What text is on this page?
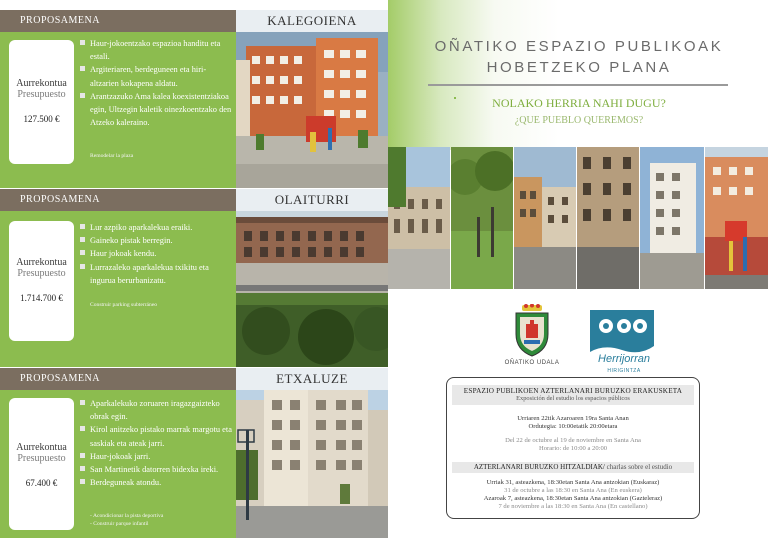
PROPOSAMENA	KALEGOIENA
Aurrekontua
Presupuesto
127.500 €
Haur-jokoentzako espazioa handitu eta estali.
Argiteriaren, berdeguneen eta hiri-altzarien kokapena aldatu.
Arantzazuko Ama kalea koexistentziakoa egin, Ultzegin kaletik oinezkoentzako den Atzeko kaleraino.
Remodelar la plaza
PROPOSAMENA	OLAITURRI
Aurrekontua
Presupuesto
1.714.700 €
Lur azpiko aparkalekua eraiki.
Gaineko pistak berregin.
Haur jokoak kendu.
Lurrazaleko aparkalekua txikitu eta ingurua berurbanizatu.
Construir parking subterráneo
PROPOSAMENA	ETXALUZE
Aurrekontua
Presupuesto
67.400 €
Aparkalekuko zoruaren iragazgaizteko obrak egin.
Kirol anitzeko pistako marrak margotu eta saskiak eta ateak jarri.
Haur-jokoak jarri.
San Martinetik datorren bidexka ireki.
Berdeguneak atondu.
- Acondicionar la pista deportiva
- Construir parque infantil
OÑATIKO ESPAZIO PUBLIKOAK
HOBETZEKO PLANA
NOLAKO HERRIA NAHI DUGU?
¿QUE PUEBLO QUEREMOS?
OÑATIKO UDALA	Herrijorran
HIRIGINTZA
ESPAZIO PUBLIKOEN AZTERLANARI BURUZKO ERAKUSKETA
Exposición del estudio los espacios públicos
Urriaren 22tik Azaroaren 19ra Santa Anan
Ordutegia: 10:00etatik 20:00etara
Del 22 de octubre al 19 de noviembre en Santa Ana
Horario: de 10:00 a 20:00
AZTERLANARI BURUZKO HITZALDIAK/ charlas sobre el estudio
Urriak 31, asteazkena, 18:30etan Santa Ana antzokian (Euskaraz)
31 de octubre a las 18:30 en Santa Ana (En euskera)
Azaroak 7, asteazkena, 18:30etan Santa Ana antzokian (Gazteleraz)
7 de noviembre a las 18:30 en Santa Ana (En castellano)
